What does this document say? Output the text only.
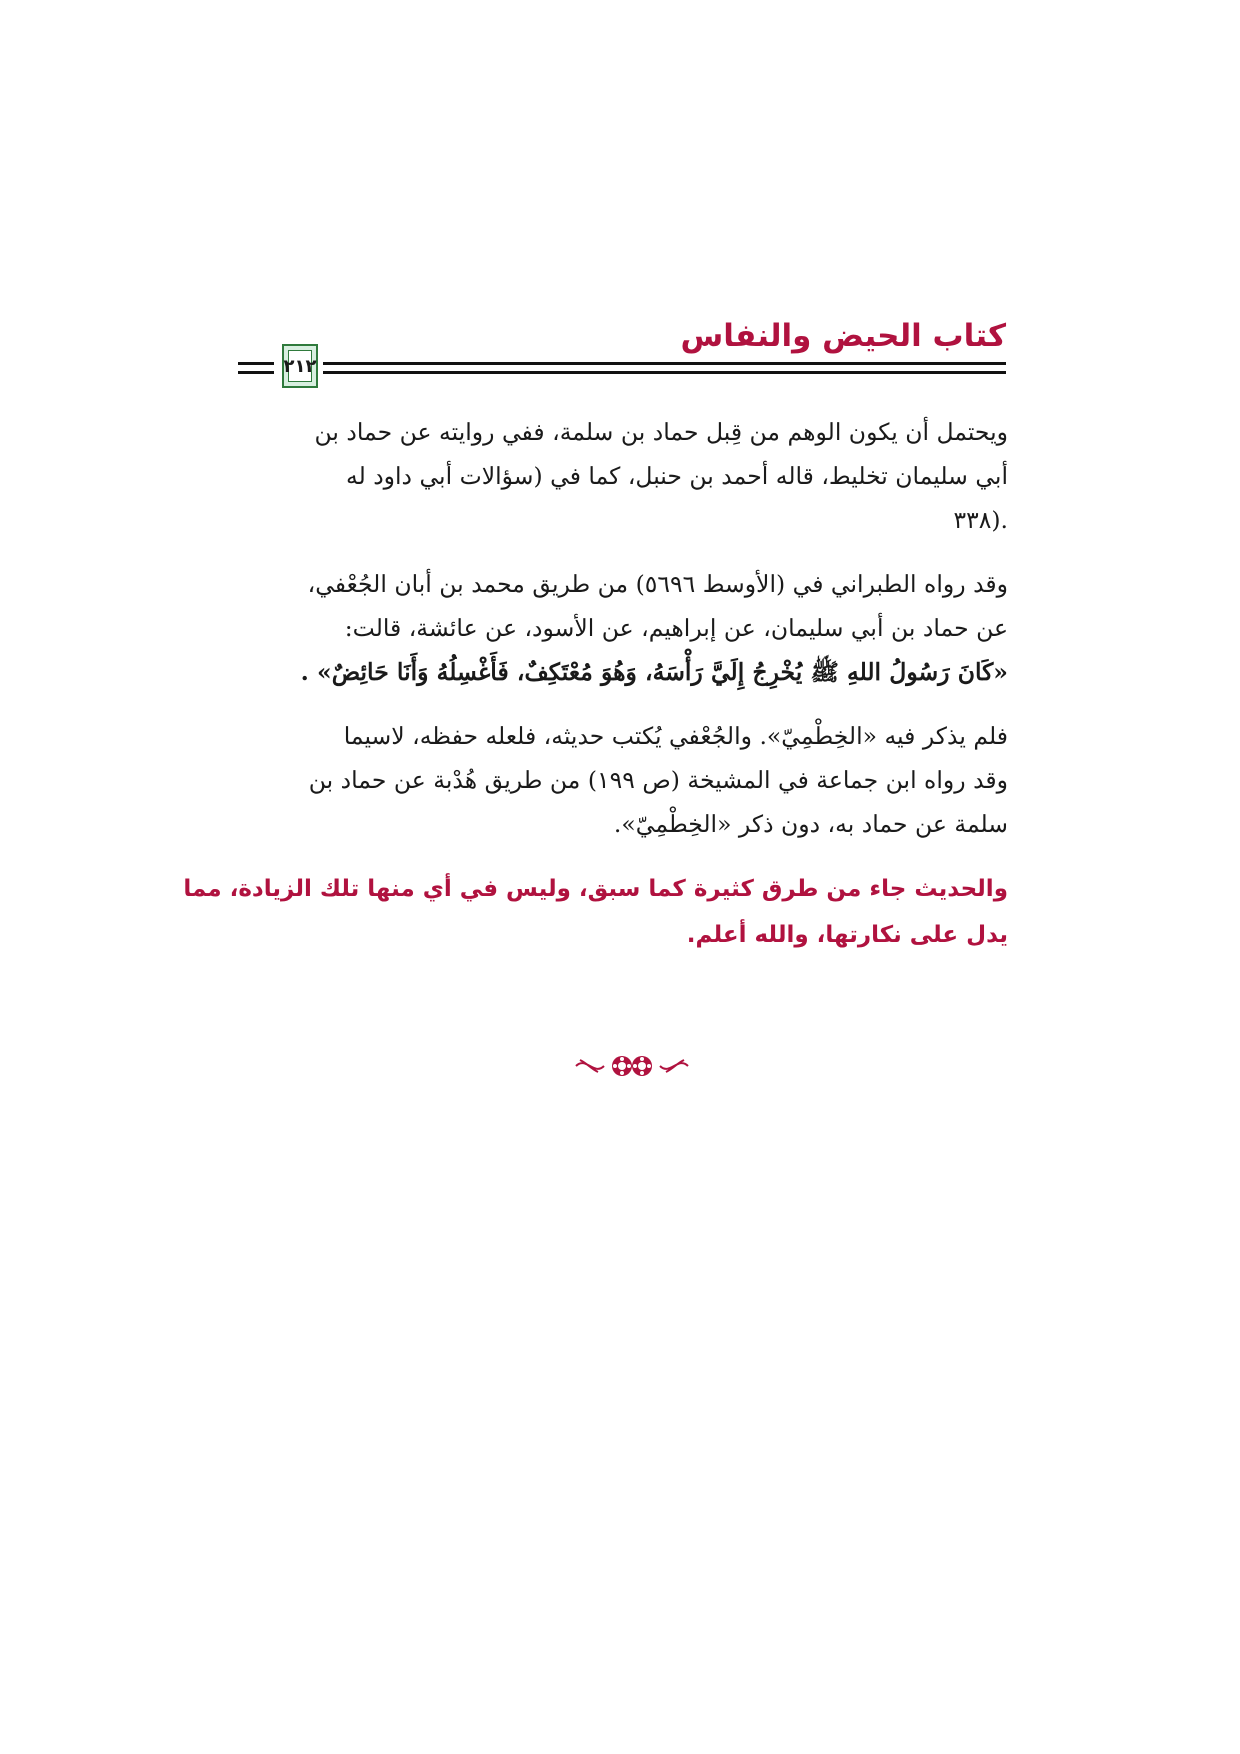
كتاب الحيض والنفاس
٢١٢

ويحتمل أن يكون الوهم من قِبل حماد بن سلمة، ففي روايته عن حماد بن
أبي سليمان تخليط، قاله أحمد بن حنبل، كما في (سؤالات أبي داود له
.(٣٣٨

وقد رواه الطبراني في (الأوسط ٥٦٩٦) من طريق محمد بن أبان الجُعْفي،
عن حماد بن أبي سليمان، عن إبراهيم، عن الأسود، عن عائشة، قالت:
«كَانَ رَسُولُ اللهِ ﷺ يُخْرِجُ إِلَيَّ رَأْسَهُ، وَهُوَ مُعْتَكِفٌ، فَأَغْسِلُهُ وَأَنَا حَائِضٌ» .

فلم يذكر فيه «الخِطْمِيّ». والجُعْفي يُكتب حديثه، فلعله حفظه، لاسيما
وقد رواه ابن جماعة في المشيخة (ص ١٩٩) من طريق هُدْبة عن حماد بن
سلمة عن حماد به، دون ذكر «الخِطْمِيّ».

والحديث جاء من طرق كثيرة كما سبق، وليس في أي منها تلك الزيادة، مما
يدل على نكارتها، والله أعلم.
